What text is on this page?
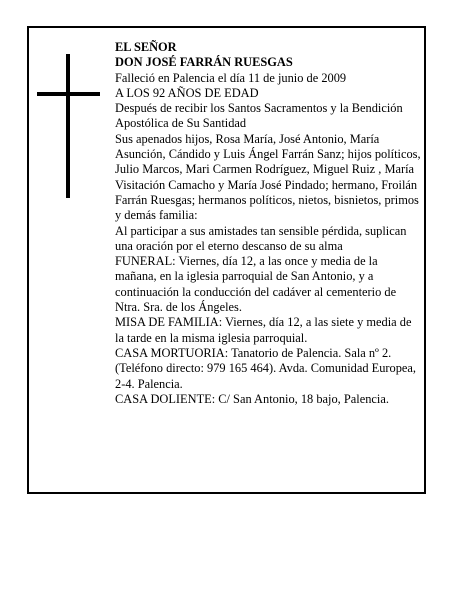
EL SEÑOR

DON JOSÉ FARRÁN RUESGAS

Falleció en Palencia el día 11 de junio de 2009

A LOS 92 AÑOS DE EDAD

Después de recibir los Santos Sacramentos y la Bendición Apostólica de Su Santidad

Sus apenados hijos, Rosa María, José Antonio, María Asunción, Cándido y Luis Ángel Farrán Sanz; hijos políticos, Julio Marcos, Mari Carmen Rodríguez, Miguel Ruiz , María Visitación Camacho y María José Pindado; hermano, Froilán Farrán Ruesgas; hermanos políticos, nietos, bisnietos, primos y demás familia:

Al participar a sus amistades tan sensible pérdida, suplican una oración por el eterno descanso de su alma

FUNERAL: Viernes, día 12, a las once y media de la mañana, en la iglesia parroquial de San Antonio, y a continuación la conducción del cadáver al cementerio de Ntra. Sra. de los Ángeles.

MISA DE FAMILIA: Viernes, día 12, a las siete y media de la tarde en la misma iglesia parroquial.

CASA MORTUORIA: Tanatorio de Palencia. Sala nº 2. (Teléfono directo: 979 165 464). Avda. Comunidad Europea, 2-4. Palencia.

CASA DOLIENTE: C/ San Antonio, 18 bajo, Palencia.
